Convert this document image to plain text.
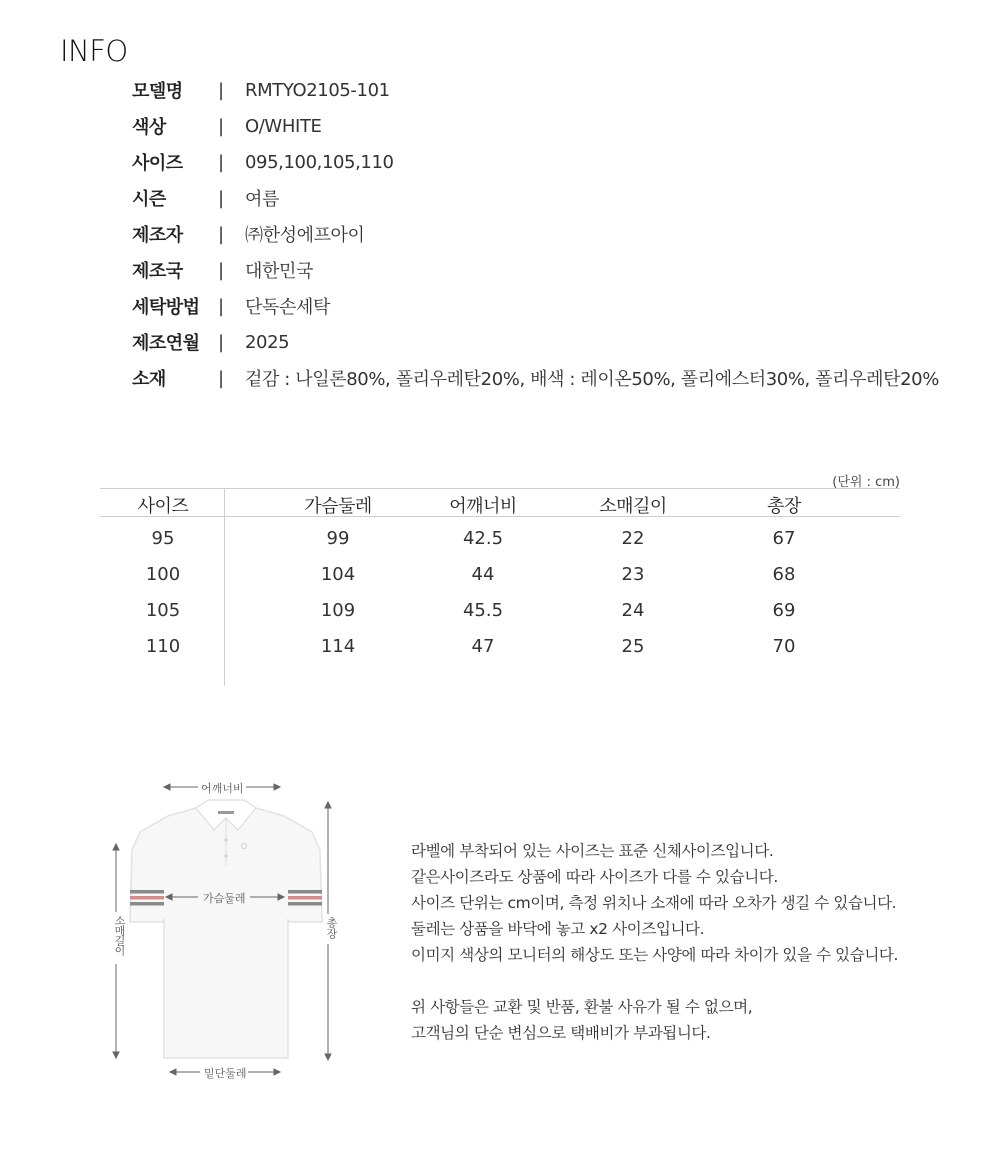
INFO
모델명	|	RMTYO2105-101
색상	|	O/WHITE
사이즈	|	095,100,105,110
시즌	|	여름
제조자	|	㈜한성에프아이
제조국	|	대한민국
세탁방법	|	단독손세탁
제조연월	|	2025
소재	|	겉감 : 나일론80%, 폴리우레탄20%, 배색 : 레이온50%, 폴리에스터30%, 폴리우레탄20%
(단위 : cm)
사이즈	가슴둘레	어깨너비	소매길이	총장
95	99	42.5	22	67
100	104	44	23	68
105	109	45.5	24	69
110	114	47	25	70
어깨너비
가슴둘레
소매길이	총장
밑단둘레

라벨에 부착되어 있는 사이즈는 표준 신체사이즈입니다.

같은사이즈라도 상품에 따라 사이즈가 다를 수 있습니다.

사이즈 단위는 cm이며, 측정 위치나 소재에 따라 오차가 생길 수 있습니다.

둘레는 상품을 바닥에 놓고 x2 사이즈입니다.

이미지 색상의 모니터의 해상도 또는 사양에 따라 차이가 있을 수 있습니다.

위 사항들은 교환 및 반품, 환불 사유가 될 수 없으며,

고객님의 단순 변심으로 택배비가 부과됩니다.
